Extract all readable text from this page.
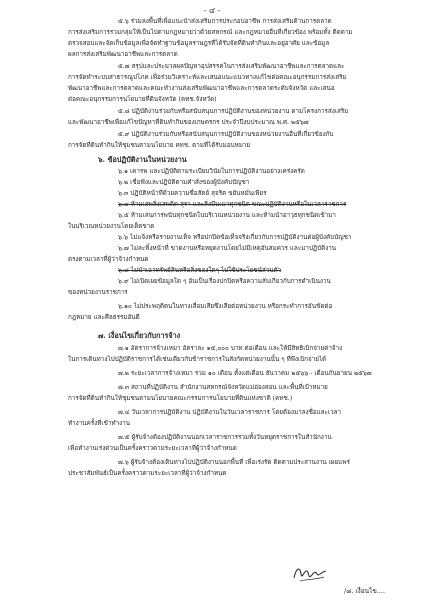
- ๔ -
๕.๖ ร่วมลงพื้นที่เพื่อแนะนำส่งเสริมการประกอบอาชีพ การส่งเสริมด้านการตลาด
การส่งเสริมการรวมกลุ่มให้เป็นไปตามกฎหมายว่าด้วยสหกรณ์ และกฎหมายอื่นที่เกี่ยวข้อง พร้อมทั้ง ติดตาม
ตรวจสอบและจัดเก็บข้อมูลเพื่อจัดทำฐานข้อมูลราษฎรที่ได้รับจัดที่ดินทำกินและอยู่อาศัย และข้อมูล
ผลการส่งเสริมพัฒนาอาชีพและการตลาด
๕.๗ สรุปและประมวลผลปัญหาอุปสรรคในการส่งเสริมพัฒนาอาชีพและการตลาดและ
การจัดทำระบบสาธารณูปโภค เพื่อร่วมวิเคราะห์และเสนอแนะแนวทางแก้ไขต่อคณะอนุกรรมการส่งเสริม
พัฒนาอาชีพและการตลาดและคณะทำงานส่งเสริมพัฒนาอาชีพและการตลาดระดับจังหวัด และเสนอ
ต่อคณะอนุกรรมการนโยบายที่ดินจังหวัด (คทช.จังหวัด)
๕.๘ ปฏิบัติงานร่วมกับหรือสนับสนุนการปฏิบัติงานของหน่วยงาน ตามโครงการส่งเสริม
และพัฒนาอาชีพเพื่อแก้ไขปัญหาที่ดินทำกินของเกษตรกร ประจำปีงบประมาณ พ.ศ. ๒๕๖๗
๕.๙ ปฏิบัติงานร่วมกับหรือสนับสนุนการปฏิบัติงานของหน่วยงานอื่นที่เกี่ยวข้องกับ
การจัดที่ดินทำกินให้ชุมชนตามนโยบาย คทช. ตามที่ได้รับมอบหมาย
๖. ข้อปฏิบัติงานในหน่วยงาน
๖.๑ เคารพ และปฏิบัติตามระเบียบวินัยในการปฏิบัติงานอย่างเคร่งครัด
๖.๒ เชื่อฟังและปฏิบัติตามคำสั่งของผู้บังคับบัญชา
๖.๓ ปฏิบัติหน้าที่ด้วยความซื่อสัตย์ สุจริต ขยันหมั่นเพียร
๖.๔ ห้ามเสพสิ่งเสพติด สุรา และสิ่งมึนเมาทุกชนิด ขณะปฏิบัติงานหรือในเวลาราชการ
๖.๕ ห้ามเล่นการพนันทุกชนิดในบริเวณหน่วยงาน และห้ามนำอาวุธทุกชนิดเข้ามา
ในบริเวณหน่วยงานโดยเด็ดขาด
๖.๖ ไม่แจ้งหรือรายงานเท็จ หรือปกปิดข้อเท็จจริงเกี่ยวกับการปฏิบัติงานต่อผู้บังคับบัญชา
๖.๗ ไม่ละทิ้งหน้าที่ ขาดงานหรือหยุดงานโดยไม่มีเหตุอันสมควร และมาปฏิบัติงาน
ตรงตามเวลาที่ผู้ว่าจ้างกำหนด
๖.๘ ไม่นำเอาทรัพย์สินหรือสิ่งของใดๆ ไปใช้ประโยชน์ส่วนตัว
๖.๙ ไม่เปิดเผยข้อมูลใด ๆ อันเป็นเรื่องปกปิดหรือความลับเกี่ยวกับการดำเนินงาน
ของหน่วยงานราชการ
๖.๑๐ ไม่ประพฤติตนในทางเสื่อมเสียซึ่งเสียต่อหน่วยงาน หรือกระทำการอันขัดต่อ
กฎหมาย และศีลธรรมอันดี
๗. เงื่อนไขเกี่ยวกับการจ้าง
๗.๑ อัตราการจ้างเหมา อัตราละ ๑๕,๐๐๐ บาท ต่อเดือน และให้มีสิทธิเบิกจ่ายค่าจ้าง
ในการเดินทางไปปฏิบัติราชการได้เช่นเดียวกับข้าราชการในสังกัดหน่วยงานนั้น ๆ ที่พึงเบิกจ่ายได้
๗.๒ ระยะเวลาการจ้างเหมา รวม ๑๐ เดือน ตั้งแต่เดือน ธันวาคม ๒๕๖๖ - เดือนกันยายน ๒๕๖๗
๗.๓ สถานที่ปฏิบัติงาน สำนักงานสหกรณ์จังหวัดแม่ฮ่องสอน และพื้นที่เป้าหมาย
การจัดที่ดินทำกินให้ชุมชนตามนโยบายคณะกรรมการนโยบายที่ดินแห่งชาติ (คทช.)
๗.๔ วันเวลาการปฏิบัติงาน ปฏิบัติงานในวันเวลาราชการ โดยต้องมาลงชื่อและเวลา
ทำงานครั้งที่เข้าทำงาน
๗.๕ ผู้รับจ้างต้องปฏิบัติงานนอกเวลาราชการรวมทั้งวันหยุดราชการในสำนักงาน
เพื่อทำงานเร่งด่วนเป็นครั้งคราวตามระยะเวลาที่ผู้ว่าจ้างกำหนด
๗.๖ ผู้รับจ้างต้องเดินทางไปปฏิบัติงานนอกพื้นที่ เพื่อเร่งรัด ติดตามประสานงาน เผยแพร่
ประชาสัมพันธ์เป็นครั้งคราวตามระยะเวลาที่ผู้ว่าจ้างกำหนด
/๘. เงื่อนไข....
